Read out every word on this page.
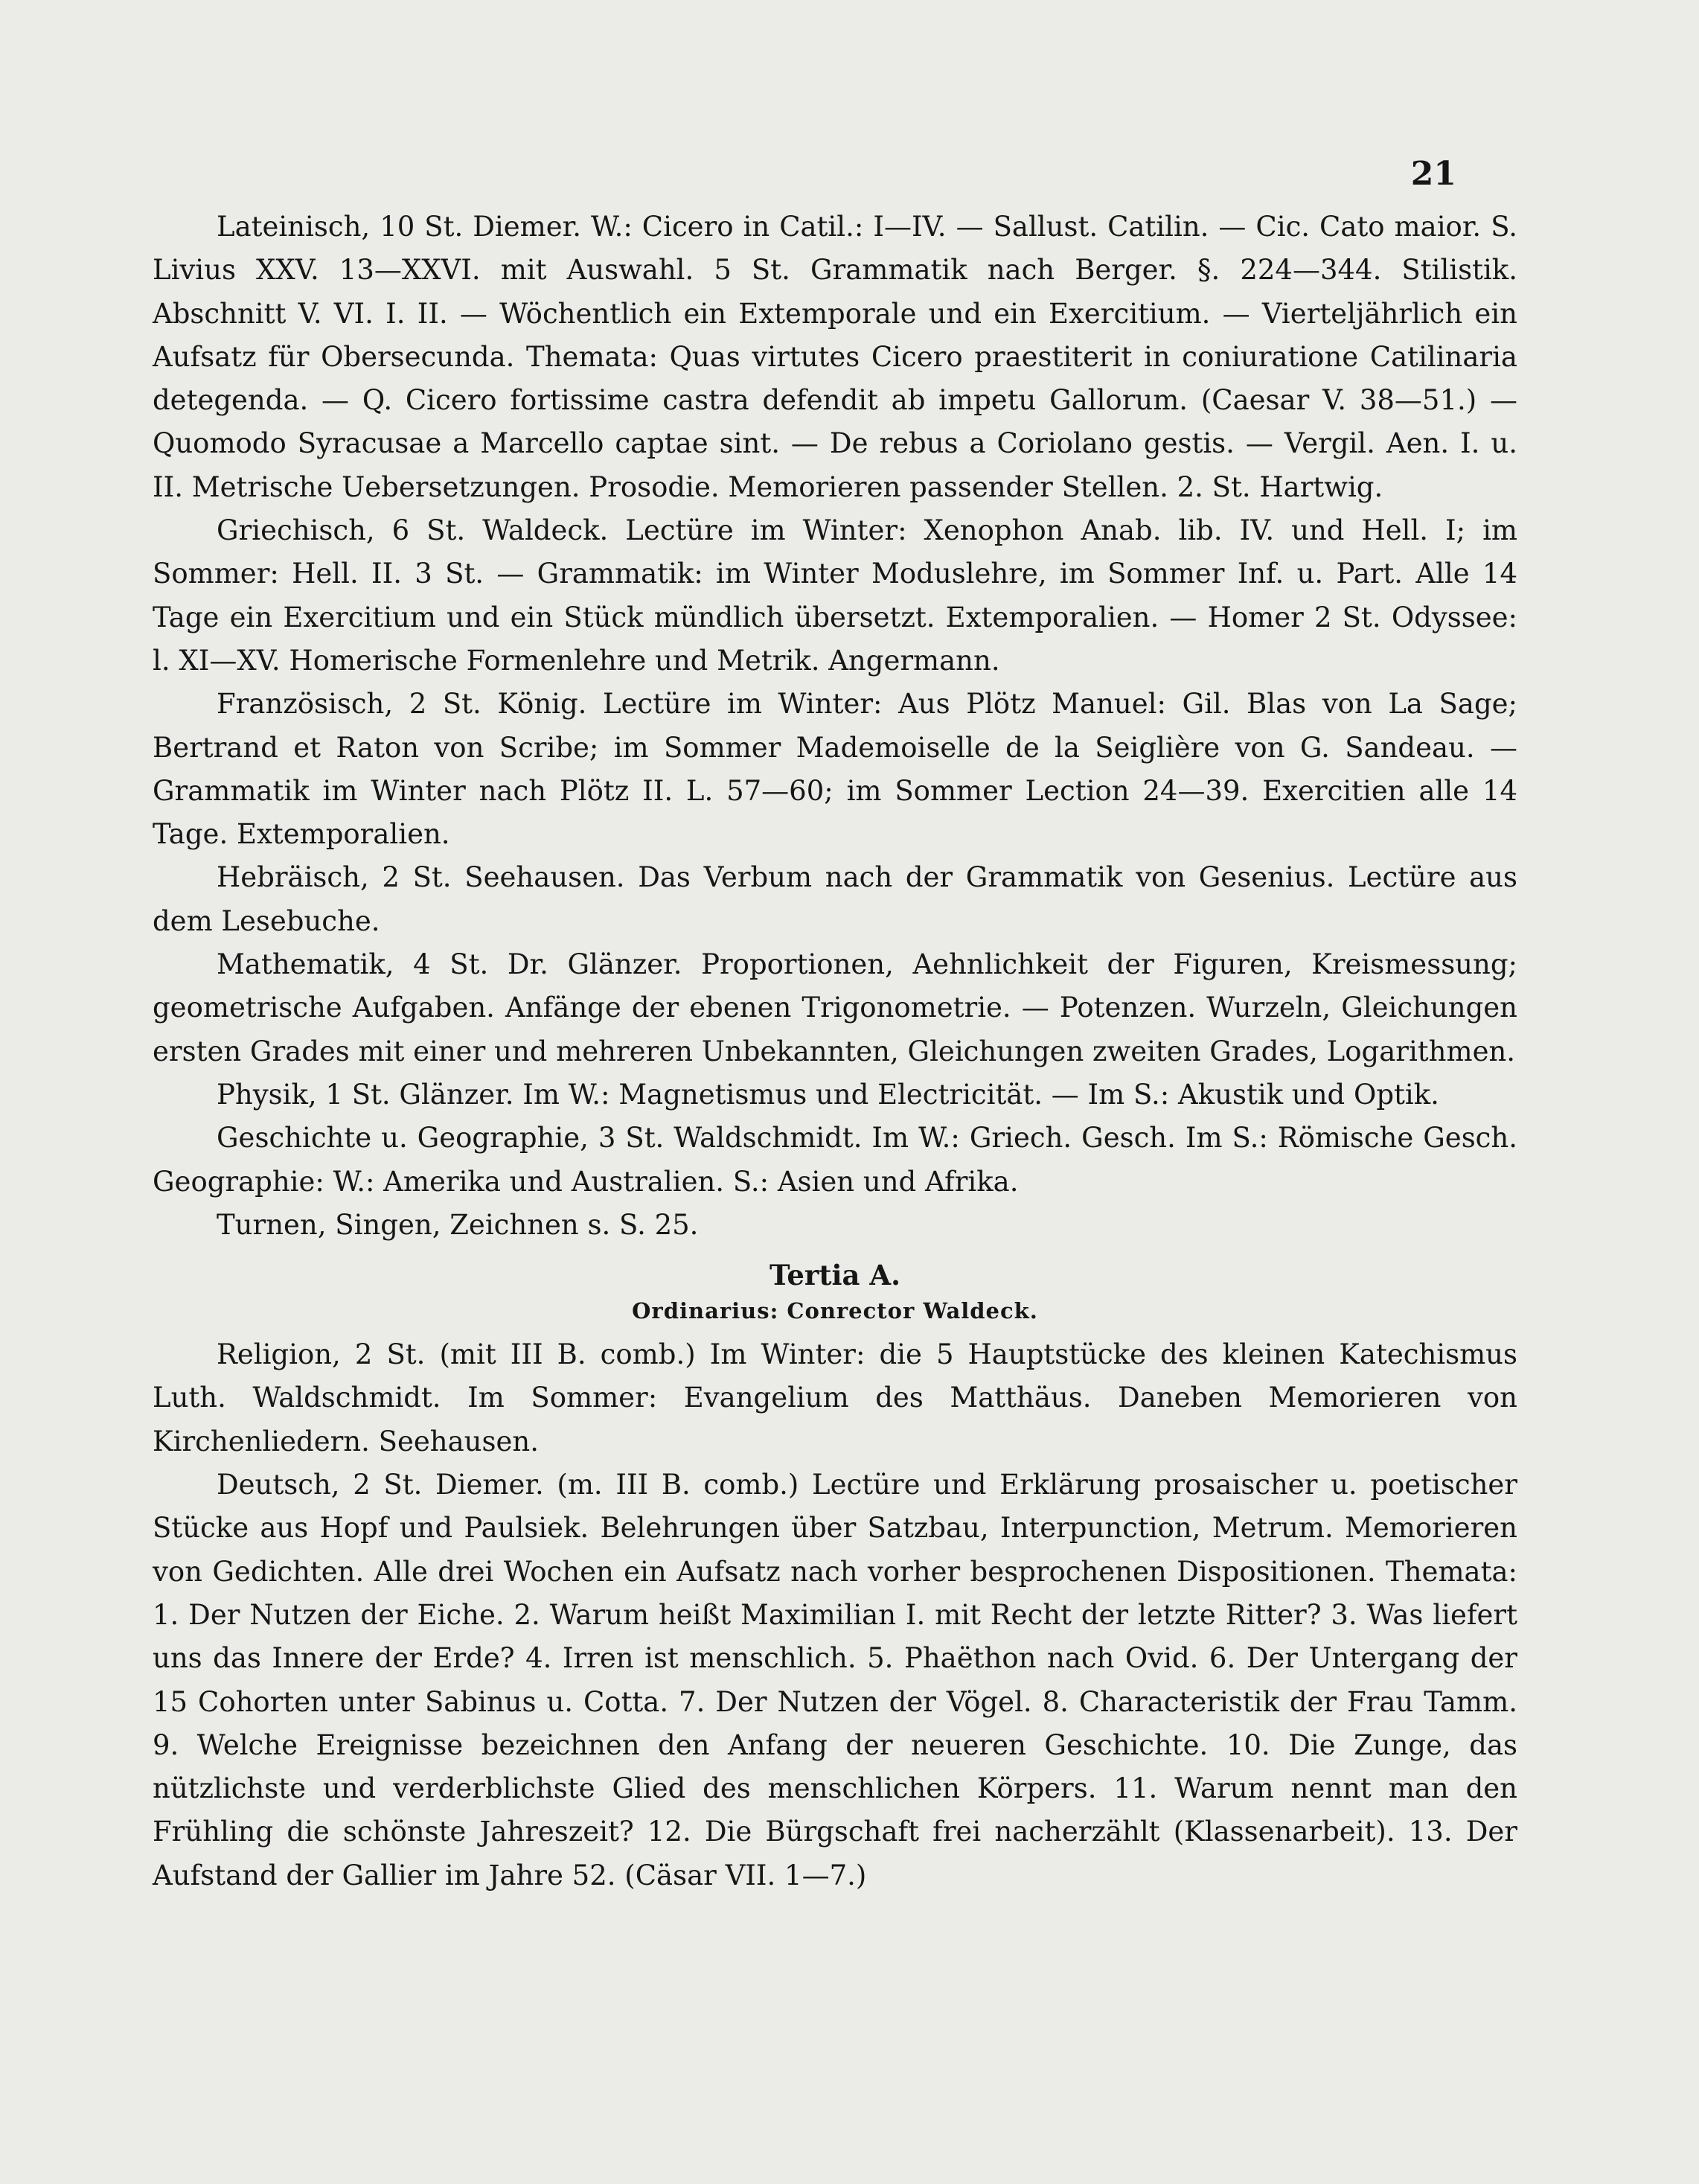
21

Lateinisch, 10 St. Diemer. W.: Cicero in Catil.: I—IV. — Sallust. Catilin. — Cic. Cato maior. S. Livius XXV. 13—XXVI. mit Auswahl. 5 St. Grammatik nach Berger. §. 224—344. Stilistik. Abschnitt V. VI. I. II. — Wöchentlich ein Extemporale und ein Exercitium. — Vierteljährlich ein Aufsatz für Obersecunda. Themata: Quas virtutes Cicero praestiterit in coniuratione Catilinaria detegenda. — Q. Cicero fortissime castra defendit ab impetu Gallorum. (Caesar V. 38—51.) — Quomodo Syracusae a Marcello captae sint. — De rebus a Coriolano gestis. — Vergil. Aen. I. u. II. Metrische Uebersetzungen. Prosodie. Memorieren passender Stellen. 2. St. Hartwig.

Griechisch, 6 St. Waldeck. Lectüre im Winter: Xenophon Anab. lib. IV. und Hell. I; im Sommer: Hell. II. 3 St. — Grammatik: im Winter Moduslehre, im Sommer Inf. u. Part. Alle 14 Tage ein Exercitium und ein Stück mündlich übersetzt. Extemporalien. — Homer 2 St. Odyssee: l. XI—XV. Homerische Formenlehre und Metrik. Angermann.

Französisch, 2 St. König. Lectüre im Winter: Aus Plötz Manuel: Gil. Blas von La Sage; Bertrand et Raton von Scribe; im Sommer Mademoiselle de la Seiglière von G. Sandeau. — Grammatik im Winter nach Plötz II. L. 57—60; im Sommer Lection 24—39. Exercitien alle 14 Tage. Extemporalien.

Hebräisch, 2 St. Seehausen. Das Verbum nach der Grammatik von Gesenius. Lectüre aus dem Lesebuche.

Mathematik, 4 St. Dr. Glänzer. Proportionen, Aehnlichkeit der Figuren, Kreismessung; geometrische Aufgaben. Anfänge der ebenen Trigonometrie. — Potenzen. Wurzeln, Gleichungen ersten Grades mit einer und mehreren Unbekannten, Gleichungen zweiten Grades, Logarithmen.

Physik, 1 St. Glänzer. Im W.: Magnetismus und Electricität. — Im S.: Akustik und Optik.

Geschichte u. Geographie, 3 St. Waldschmidt. Im W.: Griech. Gesch. Im S.: Römische Gesch. Geographie: W.: Amerika und Australien. S.: Asien und Afrika.

Turnen, Singen, Zeichnen s. S. 25.

Tertia A.

Ordinarius: Conrector Waldeck.

Religion, 2 St. (mit III B. comb.) Im Winter: die 5 Hauptstücke des kleinen Katechismus Luth. Waldschmidt. Im Sommer: Evangelium des Matthäus. Daneben Memorieren von Kirchenliedern. Seehausen.

Deutsch, 2 St. Diemer. (m. III B. comb.) Lectüre und Erklärung prosaischer u. poetischer Stücke aus Hopf und Paulsiek. Belehrungen über Satzbau, Interpunction, Metrum. Memorieren von Gedichten. Alle drei Wochen ein Aufsatz nach vorher besprochenen Dispositionen. Themata: 1. Der Nutzen der Eiche. 2. Warum heißt Maximilian I. mit Recht der letzte Ritter? 3. Was liefert uns das Innere der Erde? 4. Irren ist menschlich. 5. Phaëthon nach Ovid. 6. Der Untergang der 15 Cohorten unter Sabinus u. Cotta. 7. Der Nutzen der Vögel. 8. Characteristik der Frau Tamm. 9. Welche Ereignisse bezeichnen den Anfang der neueren Geschichte. 10. Die Zunge, das nützlichste und verderblichste Glied des menschlichen Körpers. 11. Warum nennt man den Frühling die schönste Jahreszeit? 12. Die Bürgschaft frei nacherzählt (Klassenarbeit). 13. Der Aufstand der Gallier im Jahre 52. (Cäsar VII. 1—7.)
